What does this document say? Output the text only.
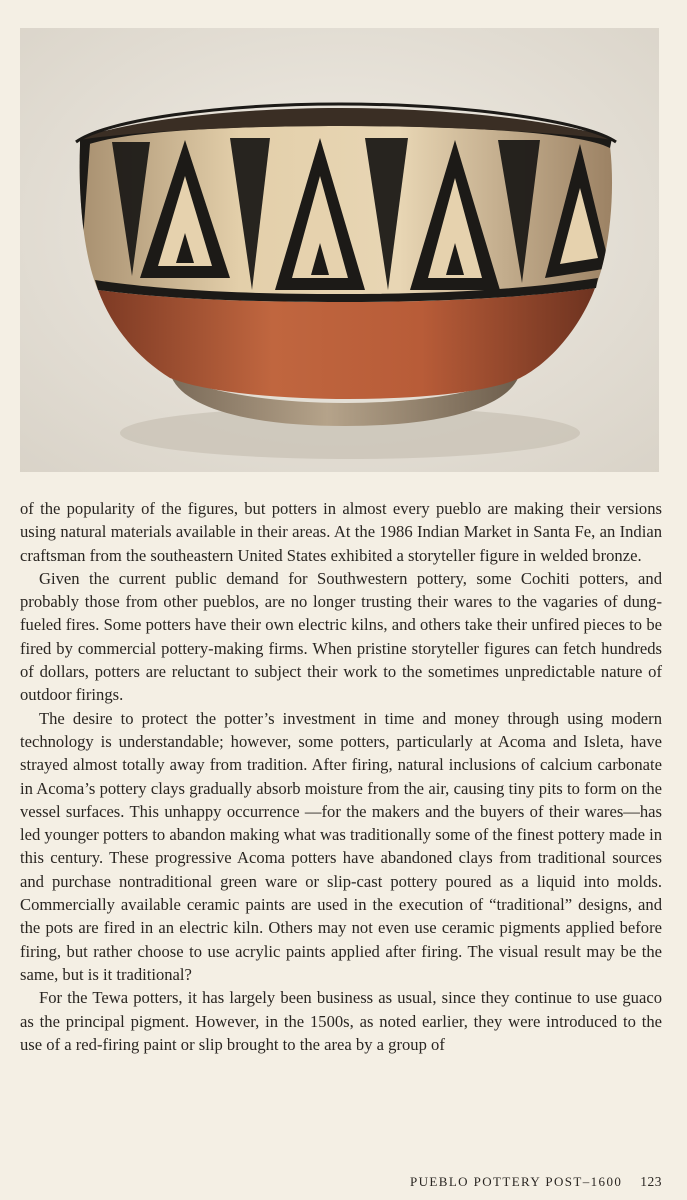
of the popularity of the figures, but potters in almost every pueblo are making their versions using natural materials available in their areas. At the 1986 Indian Market in Santa Fe, an Indian craftsman from the southeastern United States exhibited a storyteller figure in welded bronze.

Given the current public demand for Southwestern pottery, some Cochiti potters, and probably those from other pueblos, are no longer trusting their wares to the vagaries of dung-fueled fires. Some potters have their own electric kilns, and others take their unfired pieces to be fired by commercial pottery-making firms. When pristine storyteller figures can fetch hundreds of dollars, potters are reluctant to subject their work to the sometimes unpredictable nature of outdoor firings.

The desire to protect the potter’s investment in time and money through using modern technology is understandable; however, some potters, particularly at Acoma and Isleta, have strayed almost totally away from tradition. After firing, natural inclusions of calcium carbonate in Acoma’s pottery clays gradually absorb moisture from the air, causing tiny pits to form on the vessel surfaces. This unhappy occurrence —for the makers and the buyers of their wares—has led younger potters to abandon making what was traditionally some of the finest pottery made in this century. These progressive Acoma potters have abandoned clays from traditional sources and purchase nontraditional green ware or slip-cast pottery poured as a liquid into molds. Commercially available ceramic paints are used in the execution of “traditional” designs, and the pots are fired in an electric kiln. Others may not even use ceramic pigments applied before firing, but rather choose to use acrylic paints applied after firing. The visual result may be the same, but is it traditional?

For the Tewa potters, it has largely been business as usual, since they continue to use guaco as the principal pigment. However, in the 1500s, as noted earlier, they were introduced to the use of a red-firing paint or slip brought to the area by a group of

PUEBLO POTTERY POST–1600 123
